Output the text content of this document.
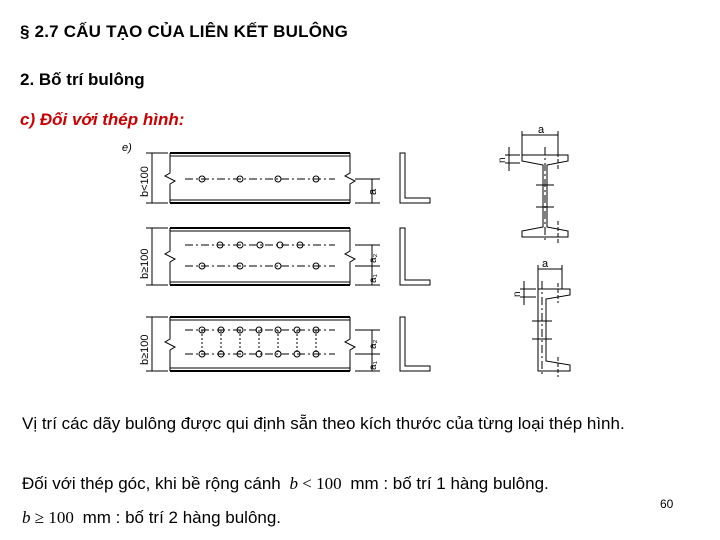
§ 2.7 CẤU TẠO CỦA LIÊN KẾT BULÔNG
2. Bố trí bulông
c) Đối với thép hình:
e)
b<100	a
b≥100	a₂
a₁
b≥100	a₂
a₁
a
n
a
n
Vị trí các dãy bulông được qui định sẵn theo kích thước của từng loại thép hình.
Đối với thép góc, khi bề rộng cánh b < 100 mm : bố trí 1 hàng bulông.
b ≥ 100 mm : bố trí 2 hàng bulông.
60
